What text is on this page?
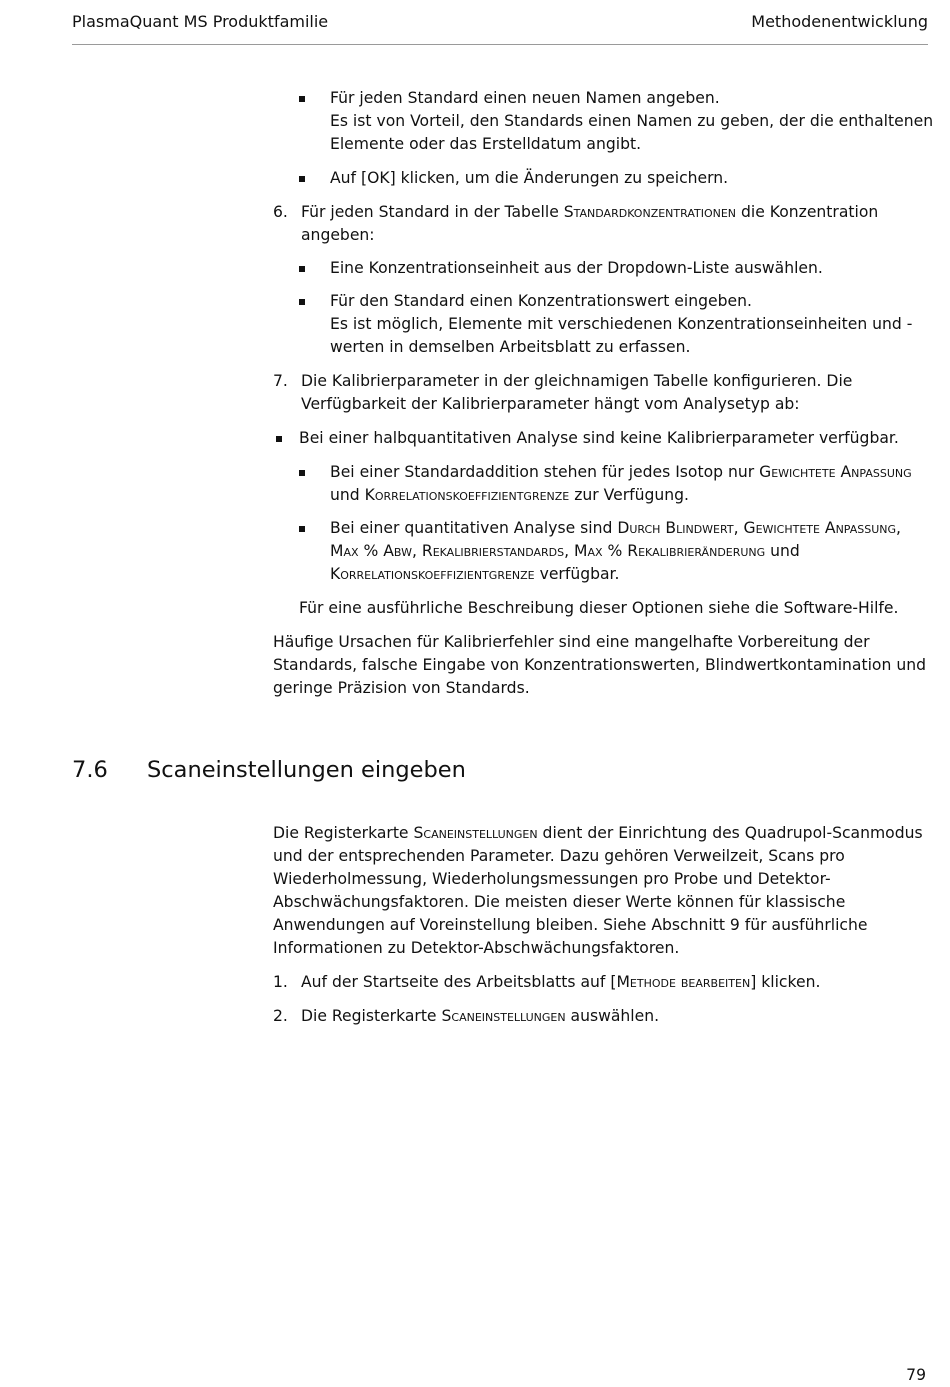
PlasmaQuant MS Produktfamilie	Methodenentwicklung
Für jeden Standard einen neuen Namen angeben.
Es ist von Vorteil, den Standards einen Namen zu geben, der die enthaltenen
Elemente oder das Erstelldatum angibt.
Auf [OK] klicken, um die Änderungen zu speichern.
6. Für jeden Standard in der Tabelle Standardkonzentrationen die Konzentration
angeben:
Eine Konzentrationseinheit aus der Dropdown-Liste auswählen.
Für den Standard einen Konzentrationswert eingeben.
Es ist möglich, Elemente mit verschiedenen Konzentrationseinheiten und -
werten in demselben Arbeitsblatt zu erfassen.
7. Die Kalibrierparameter in der gleichnamigen Tabelle konfigurieren. Die
Verfügbarkeit der Kalibrierparameter hängt vom Analysetyp ab:
Bei einer halbquantitativen Analyse sind keine Kalibrierparameter verfügbar.
Bei einer Standardaddition stehen für jedes Isotop nur Gewichtete Anpassung
und Korrelationskoeffizientgrenze zur Verfügung.
Bei einer quantitativen Analyse sind Durch Blindwert, Gewichtete Anpassung,
Max % Abw, Rekalibrierstandards, Max % Rekalibrieränderung und
Korrelationskoeffizientgrenze verfügbar.
Für eine ausführliche Beschreibung dieser Optionen siehe die Software-Hilfe.
Häufige Ursachen für Kalibrierfehler sind eine mangelhafte Vorbereitung der
Standards, falsche Eingabe von Konzentrationswerten, Blindwertkontamination und
geringe Präzision von Standards.
7.6 Scaneinstellungen eingeben
Die Registerkarte Scaneinstellungen dient der Einrichtung des Quadrupol-Scanmodus
und der entsprechenden Parameter. Dazu gehören Verweilzeit, Scans pro
Wiederholmessung, Wiederholungsmessungen pro Probe und Detektor-
Abschwächungsfaktoren. Die meisten dieser Werte können für klassische
Anwendungen auf Voreinstellung bleiben. Siehe Abschnitt 9 für ausführliche
Informationen zu Detektor-Abschwächungsfaktoren.
1. Auf der Startseite des Arbeitsblatts auf [Methode bearbeiten] klicken.
2. Die Registerkarte Scaneinstellungen auswählen.
79
